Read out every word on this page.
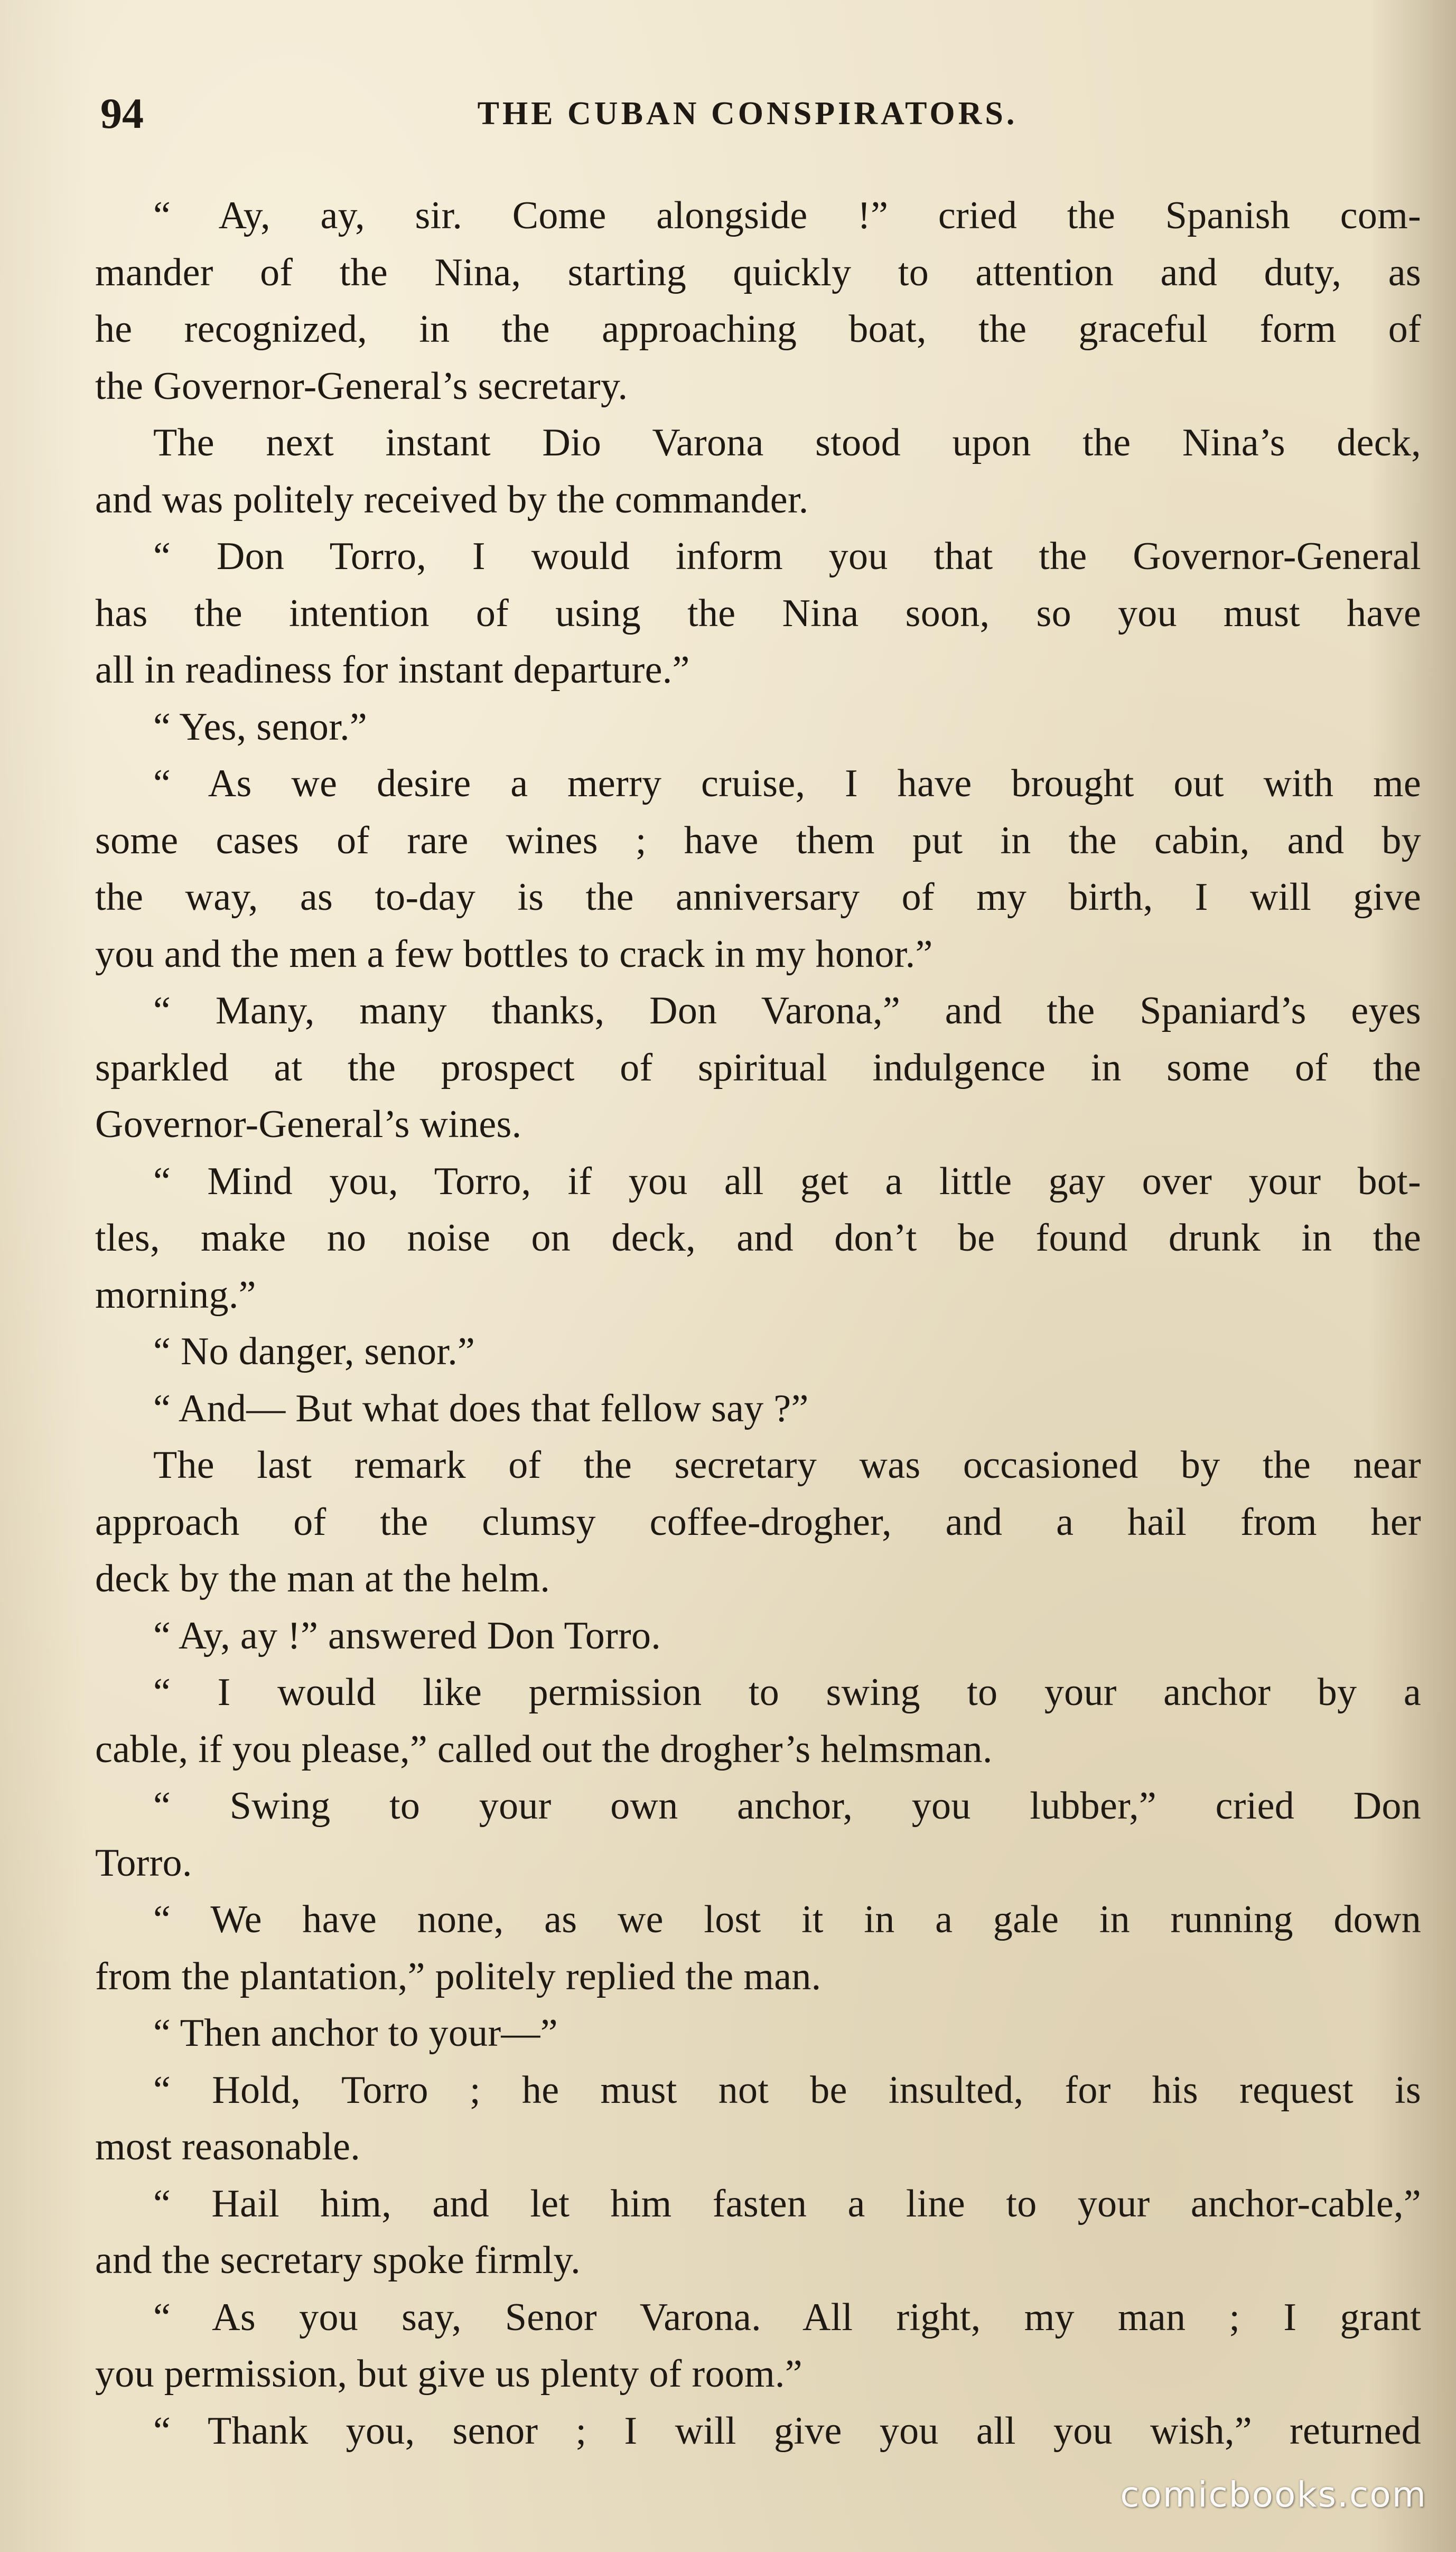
94	THE CUBAN CONSPIRATORS.
“ Ay, ay, sir. Come alongside !” cried the Spanish com-
mander of the Nina, starting quickly to attention and duty, as
he recognized, in the approaching boat, the graceful form of
the Governor-General’s secretary.
The next instant Dio Varona stood upon the Nina’s deck,
and was politely received by the commander.
“ Don Torro, I would inform you that the Governor-General
has the intention of using the Nina soon, so you must have
all in readiness for instant departure.”
“ Yes, senor.”
“ As we desire a merry cruise, I have brought out with me
some cases of rare wines ; have them put in the cabin, and by
the way, as to-day is the anniversary of my birth, I will give
you and the men a few bottles to crack in my honor.”
“ Many, many thanks, Don Varona,” and the Spaniard’s eyes
sparkled at the prospect of spiritual indulgence in some of the
Governor-General’s wines.
“ Mind you, Torro, if you all get a little gay over your bot-
tles, make no noise on deck, and don’t be found drunk in the
morning.”
“ No danger, senor.”
“ And— But what does that fellow say ?”
The last remark of the secretary was occasioned by the near
approach of the clumsy coffee-drogher, and a hail from her
deck by the man at the helm.
“ Ay, ay !” answered Don Torro.
“ I would like permission to swing to your anchor by a
cable, if you please,” called out the drogher’s helmsman.
“ Swing to your own anchor, you lubber,” cried Don
Torro.
“ We have none, as we lost it in a gale in running down
from the plantation,” politely replied the man.
“ Then anchor to your—”
“ Hold, Torro ; he must not be insulted, for his request is
most reasonable.
“ Hail him, and let him fasten a line to your anchor-cable,”
and the secretary spoke firmly.
“ As you say, Senor Varona. All right, my man ; I grant
you permission, but give us plenty of room.”
“ Thank you, senor ; I will give you all you wish,” returned
comicbooks.com
